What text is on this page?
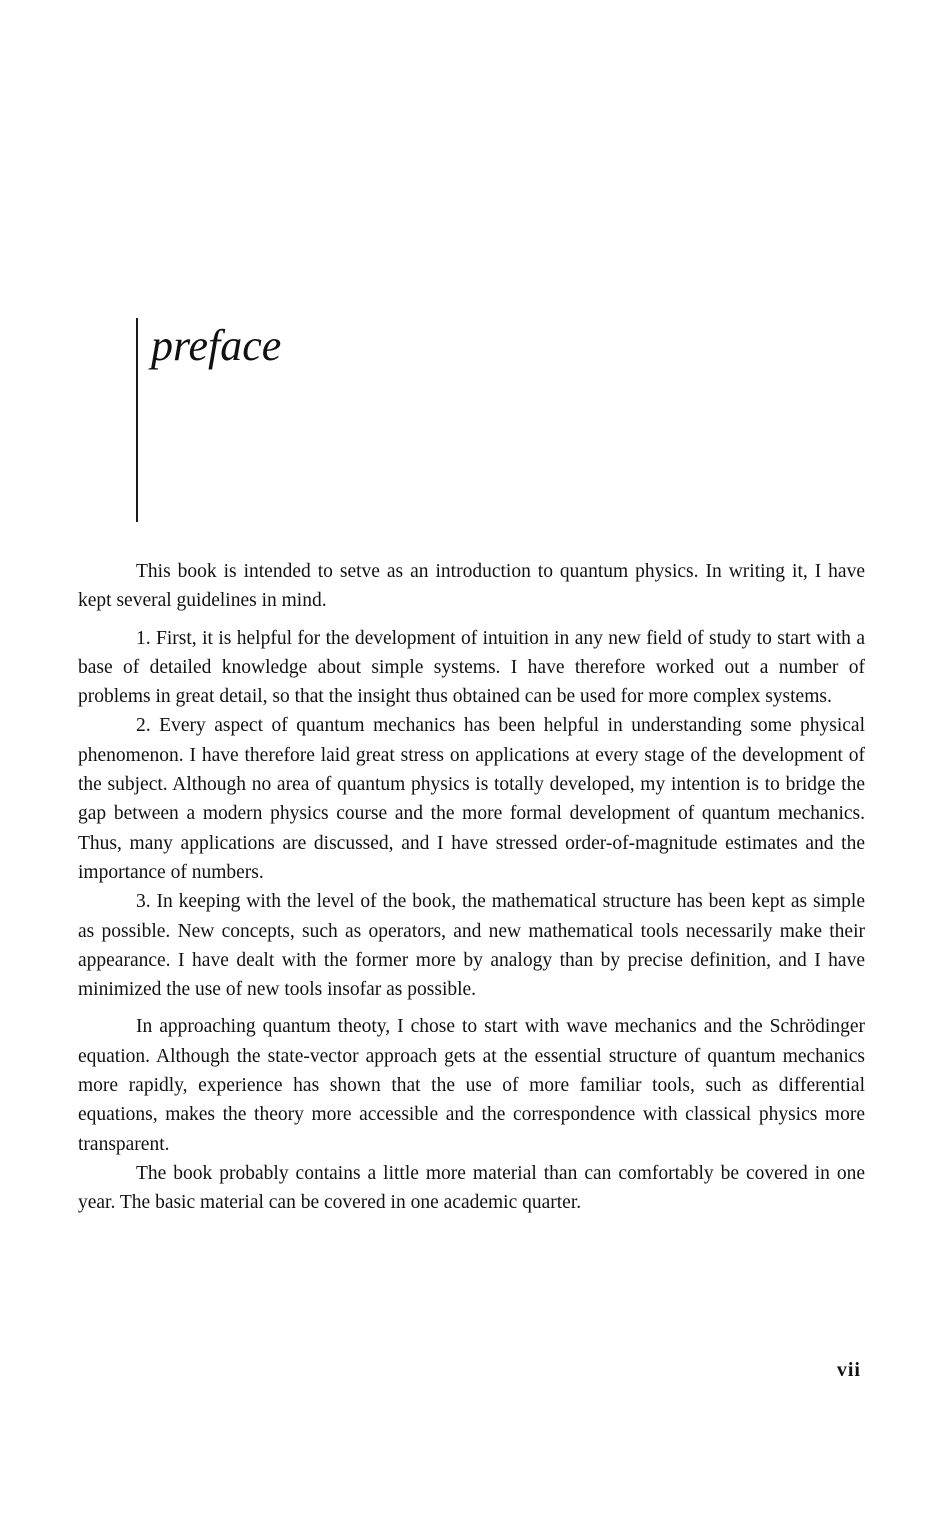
preface

This book is intended to setve as an introduction to quantum physics. In writing it, I have kept several guidelines in mind.

1. First, it is helpful for the development of intuition in any new field of study to start with a base of detailed knowledge about simple systems. I have therefore worked out a number of problems in great detail, so that the insight thus obtained can be used for more complex systems.

2. Every aspect of quantum mechanics has been helpful in understanding some physical phenomenon. I have therefore laid great stress on applications at every stage of the development of the subject. Although no area of quantum physics is totally developed, my intention is to bridge the gap between a modern physics course and the more formal development of quantum mechanics. Thus, many applications are discussed, and I have stressed order-of-magnitude estimates and the importance of numbers.

3. In keeping with the level of the book, the mathematical structure has been kept as simple as possible. New concepts, such as operators, and new mathematical tools necessarily make their appearance. I have dealt with the former more by analogy than by precise definition, and I have minimized the use of new tools insofar as possible.

In approaching quantum theoty, I chose to start with wave mechanics and the Schrödinger equation. Although the state-vector approach gets at the essential structure of quantum mechanics more rapidly, experience has shown that the use of more familiar tools, such as differential equations, makes the theory more accessible and the correspondence with classical physics more transparent.

The book probably contains a little more material than can comfortably be covered in one year. The basic material can be covered in one academic quarter.

vii
